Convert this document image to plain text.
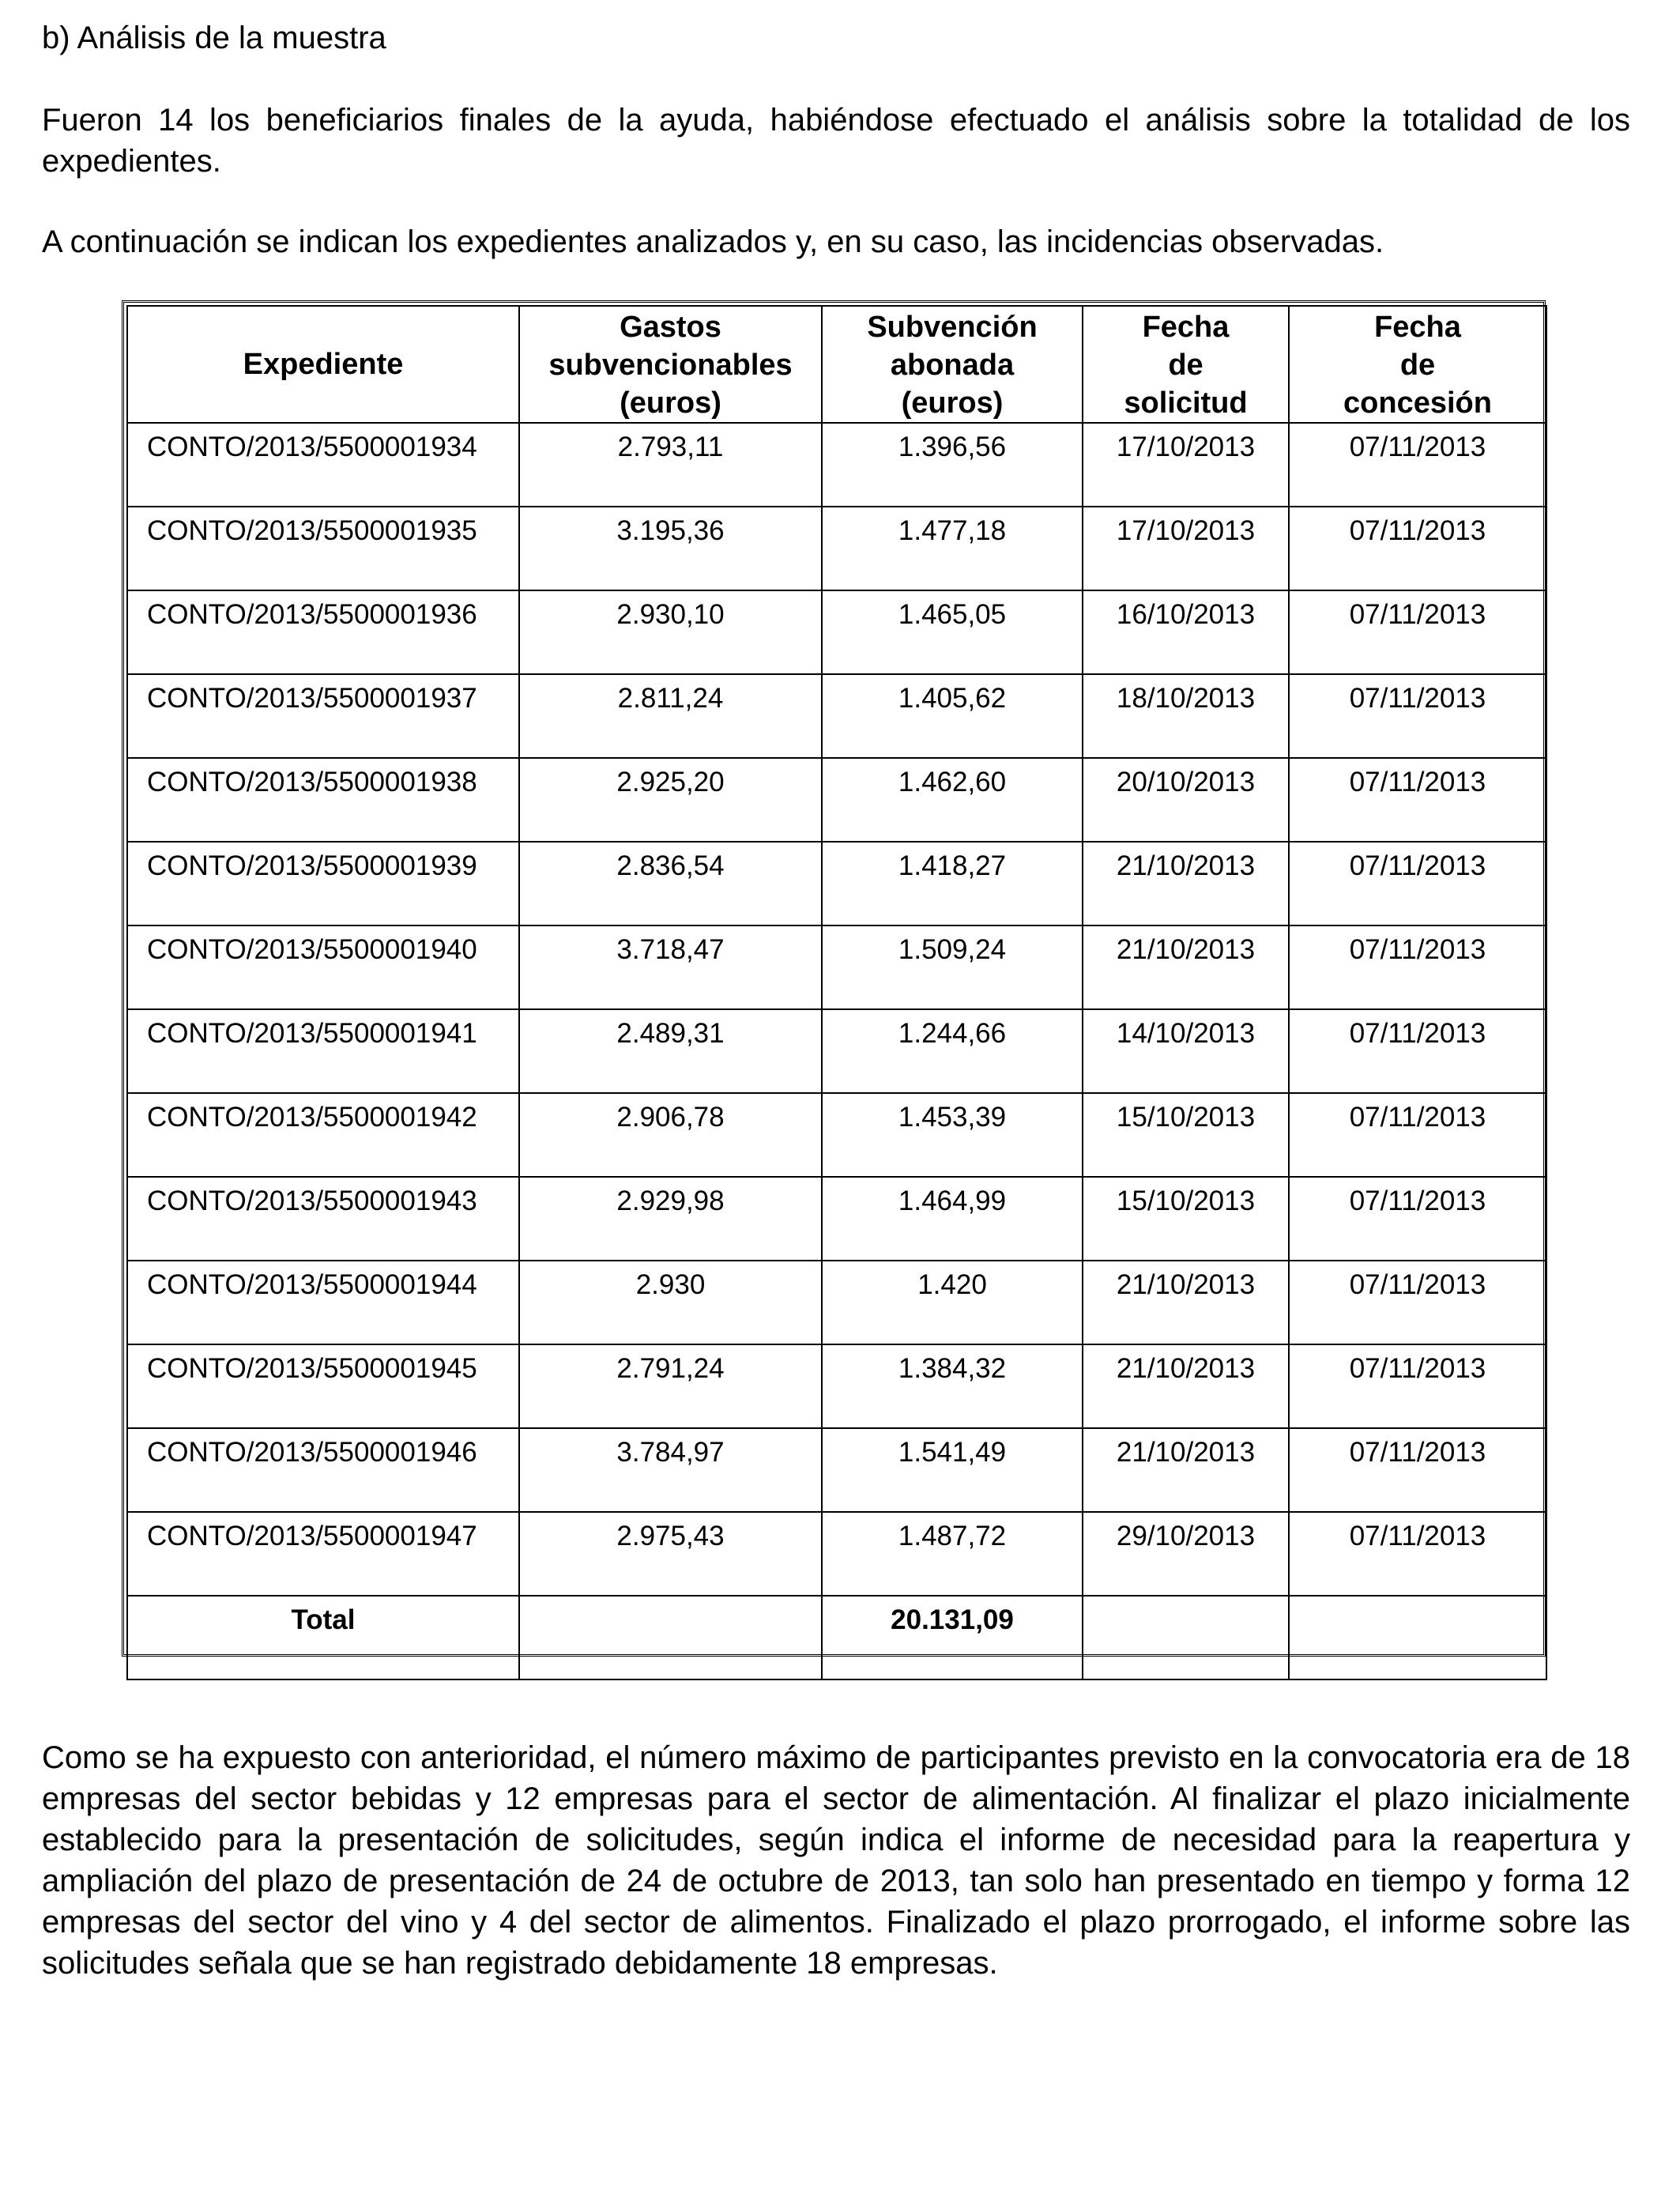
b) Análisis de la muestra

Fueron 14 los beneficiarios finales de la ayuda, habiéndose efectuado el análisis sobre la totalidad de los expedientes.

A continuación se indican los expedientes analizados y, en su caso, las incidencias observadas.

Expediente	Gastos
subvencionables
(euros)	Subvención
abonada
(euros)	Fecha
de
solicitud	Fecha
de
concesión
CONTO/2013/5500001934	2.793,11	1.396,56	17/10/2013	07/11/2013
CONTO/2013/5500001935	3.195,36	1.477,18	17/10/2013	07/11/2013
CONTO/2013/5500001936	2.930,10	1.465,05	16/10/2013	07/11/2013
CONTO/2013/5500001937	2.811,24	1.405,62	18/10/2013	07/11/2013
CONTO/2013/5500001938	2.925,20	1.462,60	20/10/2013	07/11/2013
CONTO/2013/5500001939	2.836,54	1.418,27	21/10/2013	07/11/2013
CONTO/2013/5500001940	3.718,47	1.509,24	21/10/2013	07/11/2013
CONTO/2013/5500001941	2.489,31	1.244,66	14/10/2013	07/11/2013
CONTO/2013/5500001942	2.906,78	1.453,39	15/10/2013	07/11/2013
CONTO/2013/5500001943	2.929,98	1.464,99	15/10/2013	07/11/2013
CONTO/2013/5500001944	2.930	1.420	21/10/2013	07/11/2013
CONTO/2013/5500001945	2.791,24	1.384,32	21/10/2013	07/11/2013
CONTO/2013/5500001946	3.784,97	1.541,49	21/10/2013	07/11/2013
CONTO/2013/5500001947	2.975,43	1.487,72	29/10/2013	07/11/2013
Total		20.131,09		

Como se ha expuesto con anterioridad, el número máximo de participantes previsto en la convocatoria era de 18 empresas del sector bebidas y 12 empresas para el sector de alimentación. Al finalizar el plazo inicialmente establecido para la presentación de solicitudes, según indica el informe de necesidad para la reapertura y ampliación del plazo de presentación de 24 de octubre de 2013, tan solo han presentado en tiempo y forma 12 empresas del sector del vino y 4 del sector de alimentos. Finalizado el plazo prorrogado, el informe sobre las solicitudes señala que se han registrado debidamente 18 empresas.
